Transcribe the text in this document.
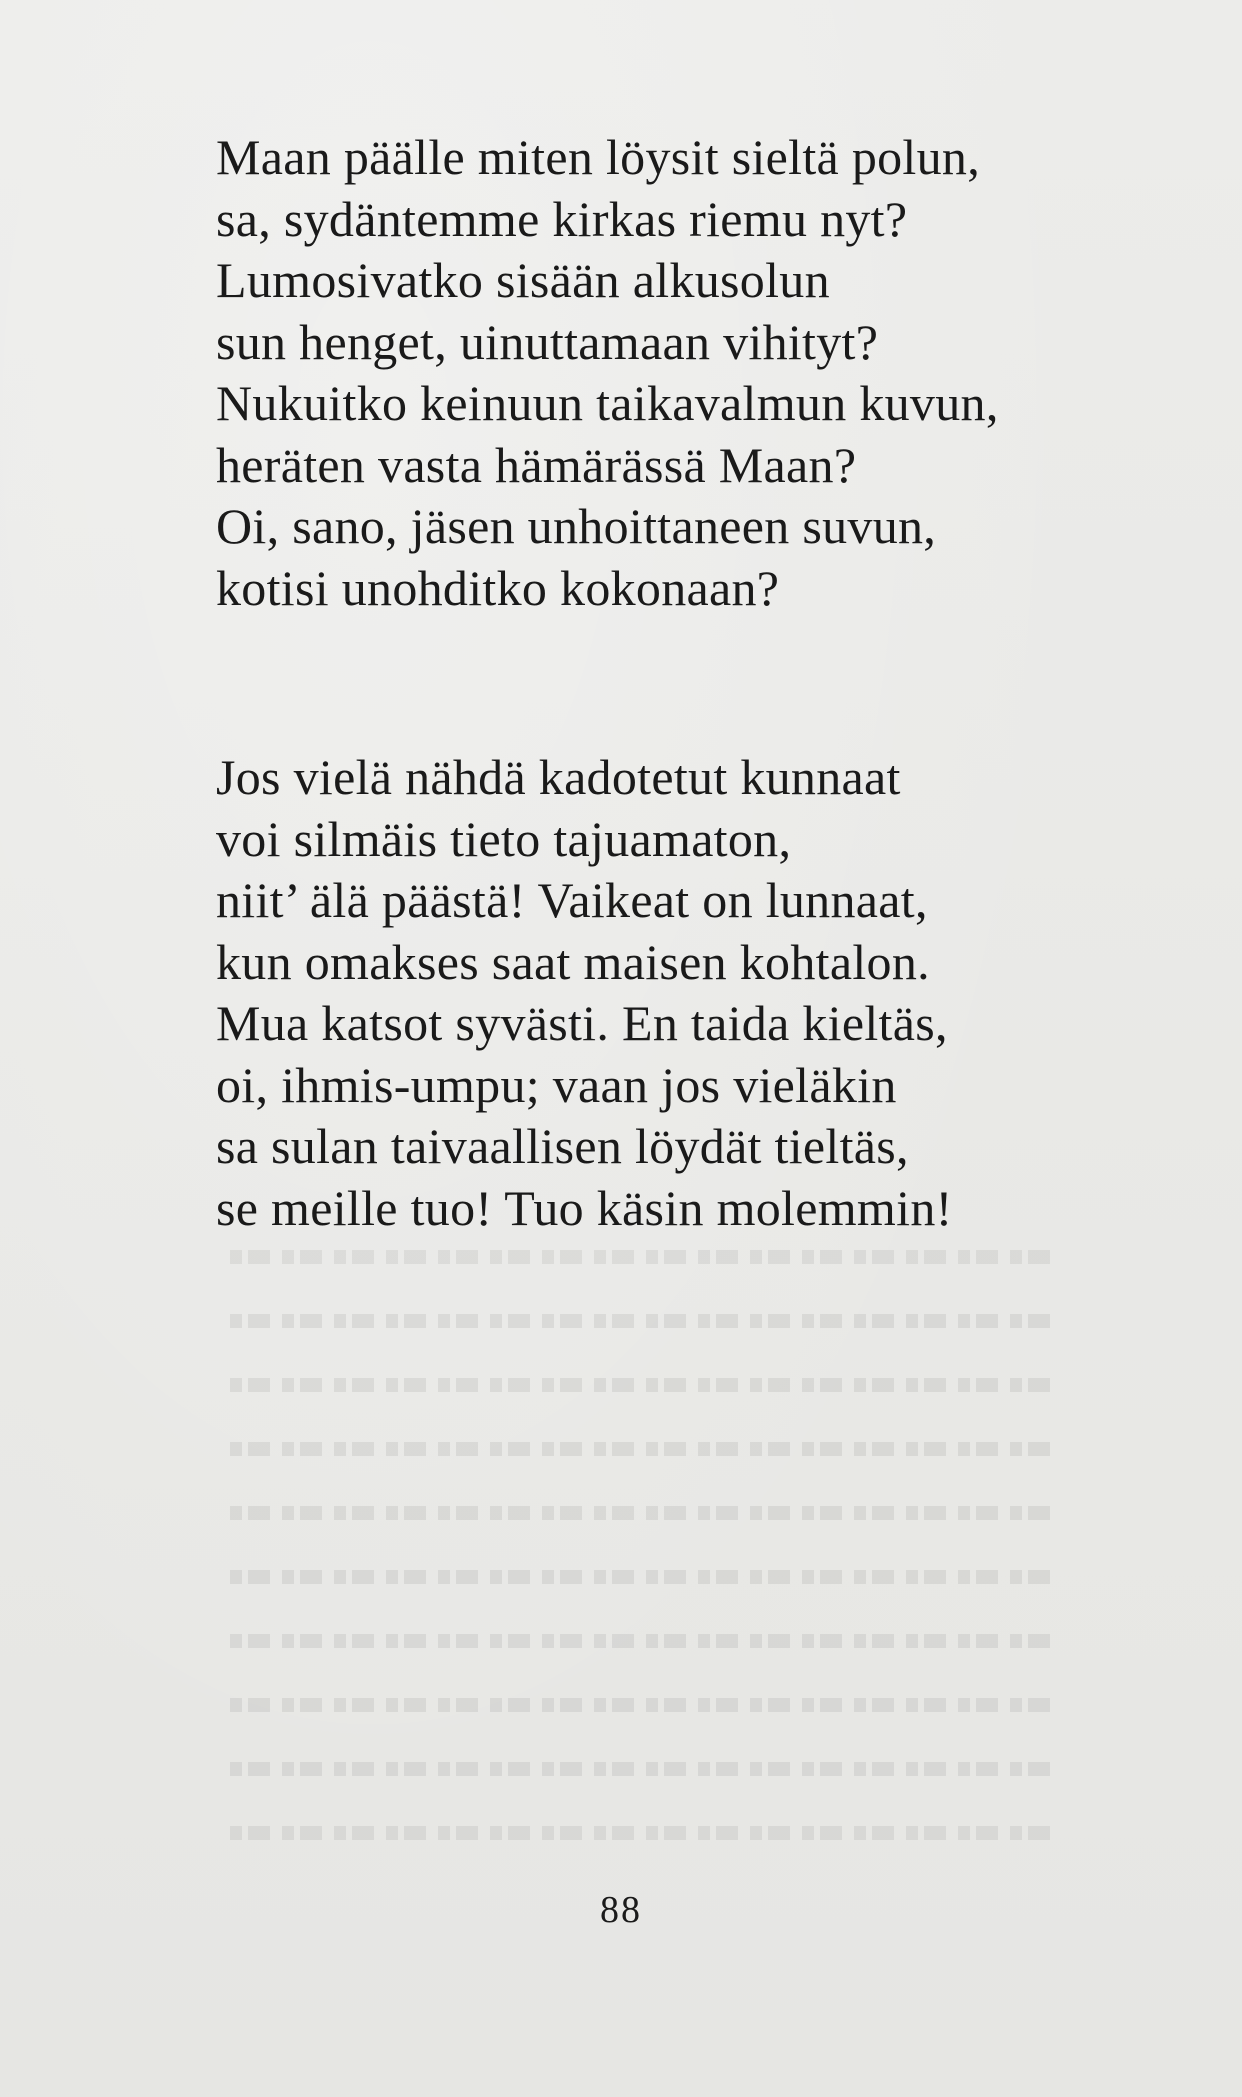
Maan päälle miten löysit sieltä polun,
sa, sydäntemme kirkas riemu nyt?
Lumosivatko sisään alkusolun
sun henget, uinuttamaan vihityt?
Nukuitko keinuun taikavalmun kuvun,
heräten vasta hämärässä Maan?
Oi, sano, jäsen unhoittaneen suvun,
kotisi unohditko kokonaan?
Jos vielä nähdä kadotetut kunnaat
voi silmäis tieto tajuamaton,
niit’ älä päästä! Vaikeat on lunnaat,
kun omakses saat maisen kohtalon.
Mua katsot syvästi. En taida kieltäs,
oi, ihmis-umpu; vaan jos vieläkin
sa sulan taivaallisen löydät tieltäs,
se meille tuo! Tuo käsin molemmin!
88
